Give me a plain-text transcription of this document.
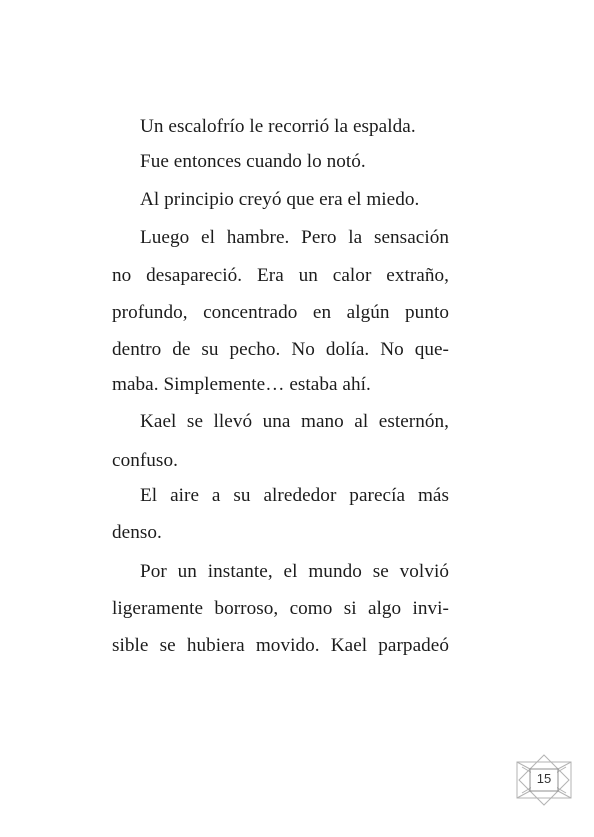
Un escalofrío le recorrió la espalda.
Fue entonces cuando lo notó.
Al principio creyó que era el miedo.
Luego el hambre. Pero la sensación
no desapareció. Era un calor extraño,
profundo, concentrado en algún punto
dentro de su pecho. No dolía. No que-
maba. Simplemente… estaba ahí.
Kael se llevó una mano al esternón,
confuso.
El aire a su alrededor parecía más
denso.
Por un instante, el mundo se volvió
ligeramente borroso, como si algo invi-
sible se hubiera movido. Kael parpadeó
15
